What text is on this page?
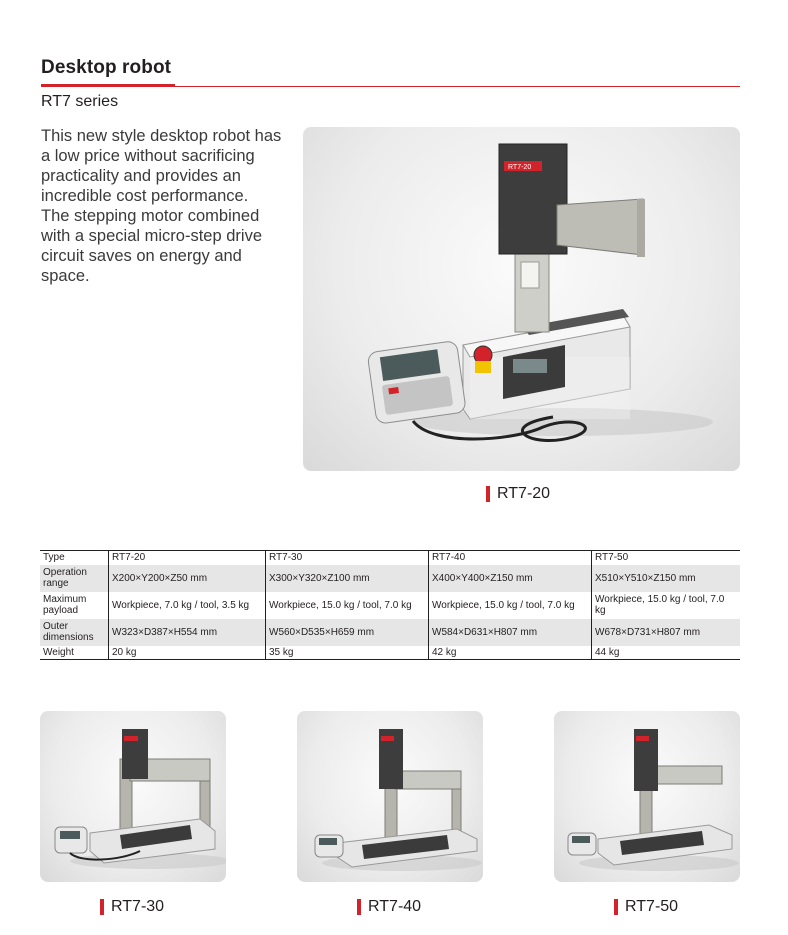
Desktop robot
RT7 series

This new style desktop robot has a low price without sacrificing practicality and provides an incredible cost performance.

The stepping motor combined with a special micro-step drive circuit saves on energy and space.

RT7-20
RT7-20
Type	RT7-20	RT7-30	RT7-40	RT7-50
Operation range	X200×Y200×Z50 mm	X300×Y320×Z100 mm	X400×Y400×Z150 mm	X510×Y510×Z150 mm
Maximum payload	Workpiece, 7.0 kg / tool, 3.5 kg	Workpiece, 15.0 kg / tool, 7.0 kg	Workpiece, 15.0 kg / tool, 7.0 kg	Workpiece, 15.0 kg / tool, 7.0 kg
Outer dimensions	W323×D387×H554 mm	W560×D535×H659 mm	W584×D631×H807 mm	W678×D731×H807 mm
Weight	20 kg	35 kg	42 kg	44 kg
RT7-30	RT7-40	RT7-50
